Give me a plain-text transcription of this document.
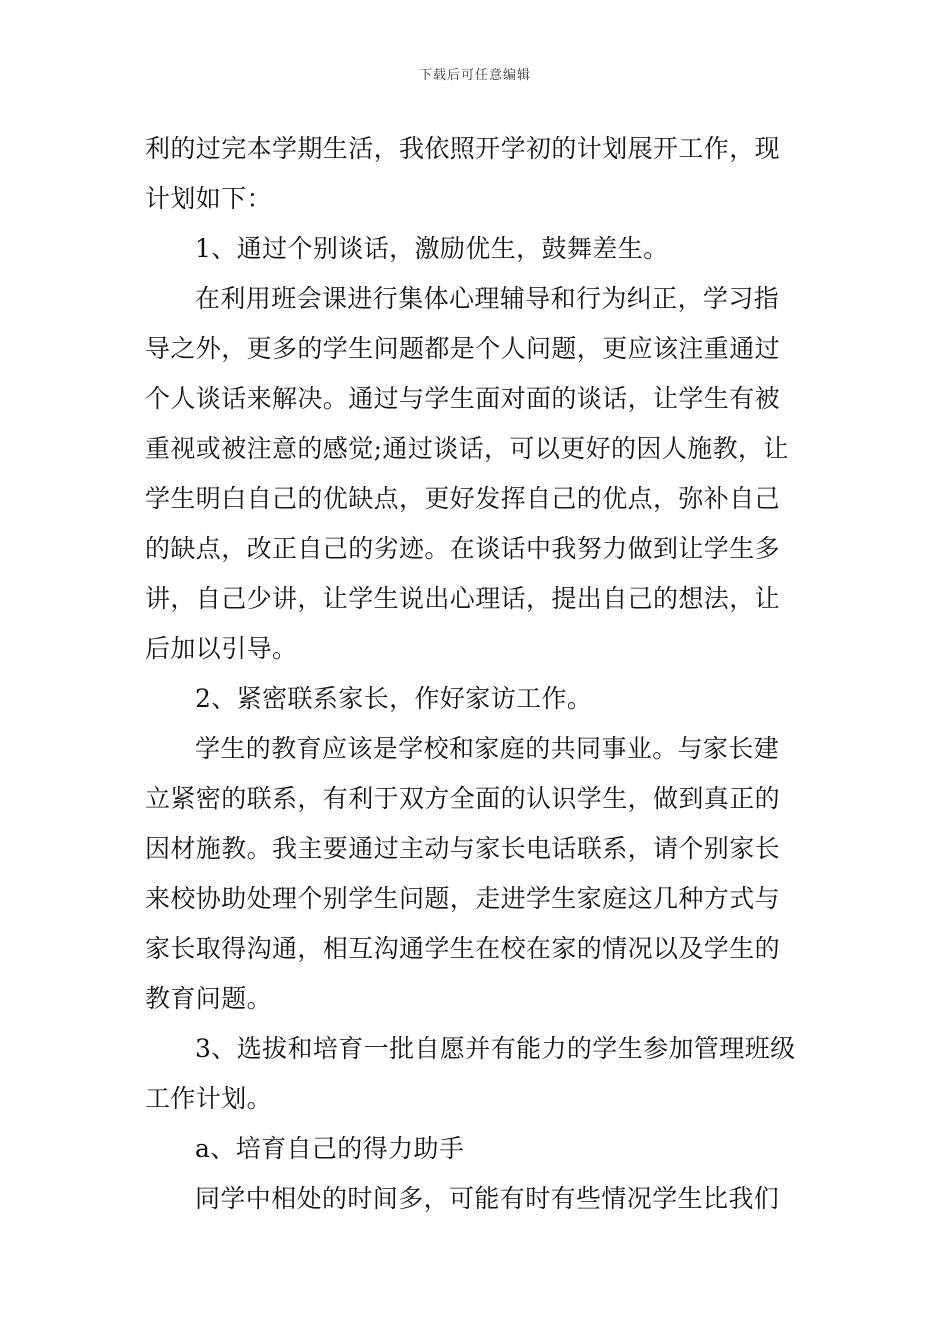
下载后可任意编辑
利的过完本学期生活，我依照开学初的计划展开工作，现
计划如下：
1、通过个别谈话，激励优生，鼓舞差生。
在利用班会课进行集体心理辅导和行为纠正，学习指
导之外，更多的学生问题都是个人问题，更应该注重通过
个人谈话来解决。通过与学生面对面的谈话，让学生有被
重视或被注意的感觉;通过谈话，可以更好的因人施教，让
学生明白自己的优缺点，更好发挥自己的优点，弥补自己
的缺点，改正自己的劣迹。在谈话中我努力做到让学生多
讲，自己少讲，让学生说出心理话，提出自己的想法，让
后加以引导。
2、紧密联系家长，作好家访工作。
学生的教育应该是学校和家庭的共同事业。与家长建
立紧密的联系，有利于双方全面的认识学生，做到真正的
因材施教。我主要通过主动与家长电话联系，请个别家长
来校协助处理个别学生问题，走进学生家庭这几种方式与
家长取得沟通，相互沟通学生在校在家的情况以及学生的
教育问题。
3、选拔和培育一批自愿并有能力的学生参加管理班级
工作计划。
a、培育自己的得力助手
同学中相处的时间多，可能有时有些情况学生比我们
